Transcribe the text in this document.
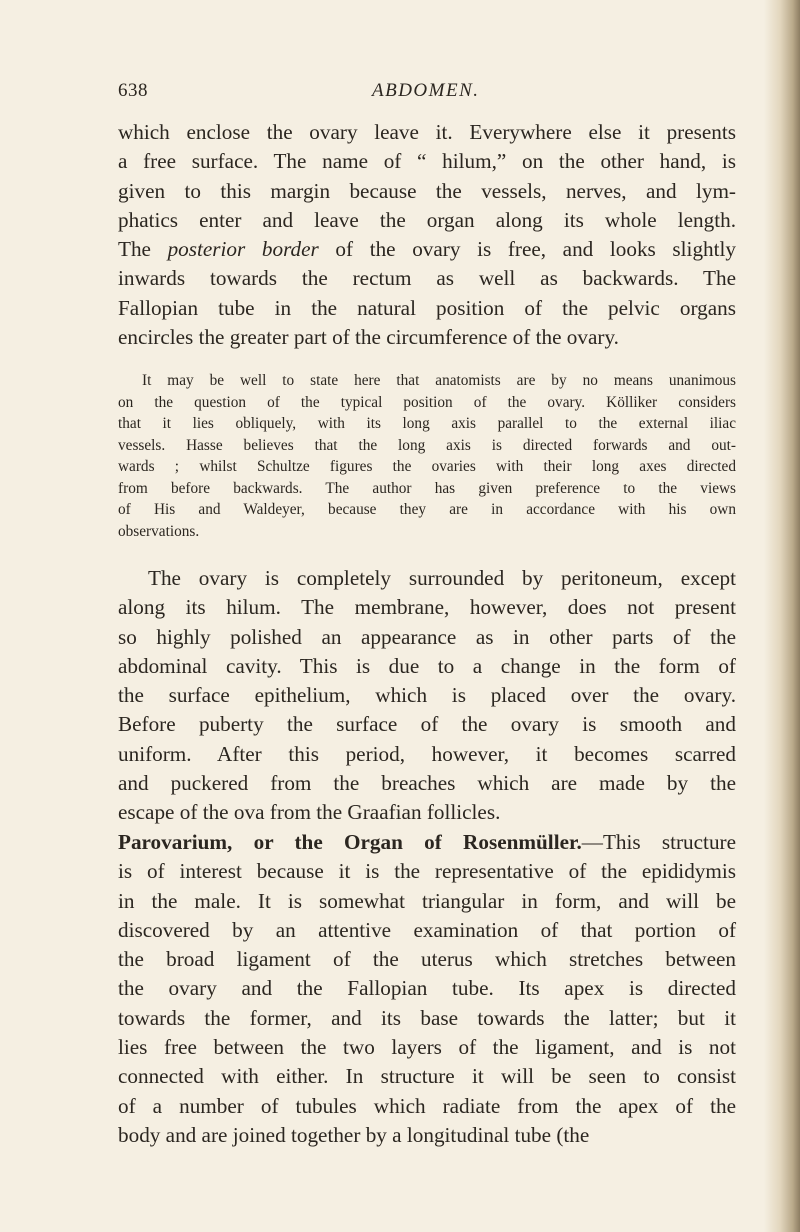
638	ABDOMEN.
which enclose the ovary leave it. Everywhere else it presents
a free surface. The name of “ hilum,” on the other hand, is
given to this margin because the vessels, nerves, and lym-
phatics enter and leave the organ along its whole length.
The posterior border of the ovary is free, and looks slightly
inwards towards the rectum as well as backwards. The
Fallopian tube in the natural position of the pelvic organs
encircles the greater part of the circumference of the ovary.
It may be well to state here that anatomists are by no means unanimous
on the question of the typical position of the ovary. Kölliker considers
that it lies obliquely, with its long axis parallel to the external iliac
vessels. Hasse believes that the long axis is directed forwards and out-
wards ; whilst Schultze figures the ovaries with their long axes directed
from before backwards. The author has given preference to the views
of His and Waldeyer, because they are in accordance with his own
observations.
The ovary is completely surrounded by peritoneum, except
along its hilum. The membrane, however, does not present
so highly polished an appearance as in other parts of the
abdominal cavity. This is due to a change in the form of
the surface epithelium, which is placed over the ovary.
Before puberty the surface of the ovary is smooth and
uniform. After this period, however, it becomes scarred
and puckered from the breaches which are made by the
escape of the ova from the Graafian follicles.
Parovarium, or the Organ of Rosenmüller.—This structure
is of interest because it is the representative of the epididymis
in the male. It is somewhat triangular in form, and will be
discovered by an attentive examination of that portion of
the broad ligament of the uterus which stretches between
the ovary and the Fallopian tube. Its apex is directed
towards the former, and its base towards the latter; but it
lies free between the two layers of the ligament, and is not
connected with either. In structure it will be seen to consist
of a number of tubules which radiate from the apex of the
body and are joined together by a longitudinal tube (the
